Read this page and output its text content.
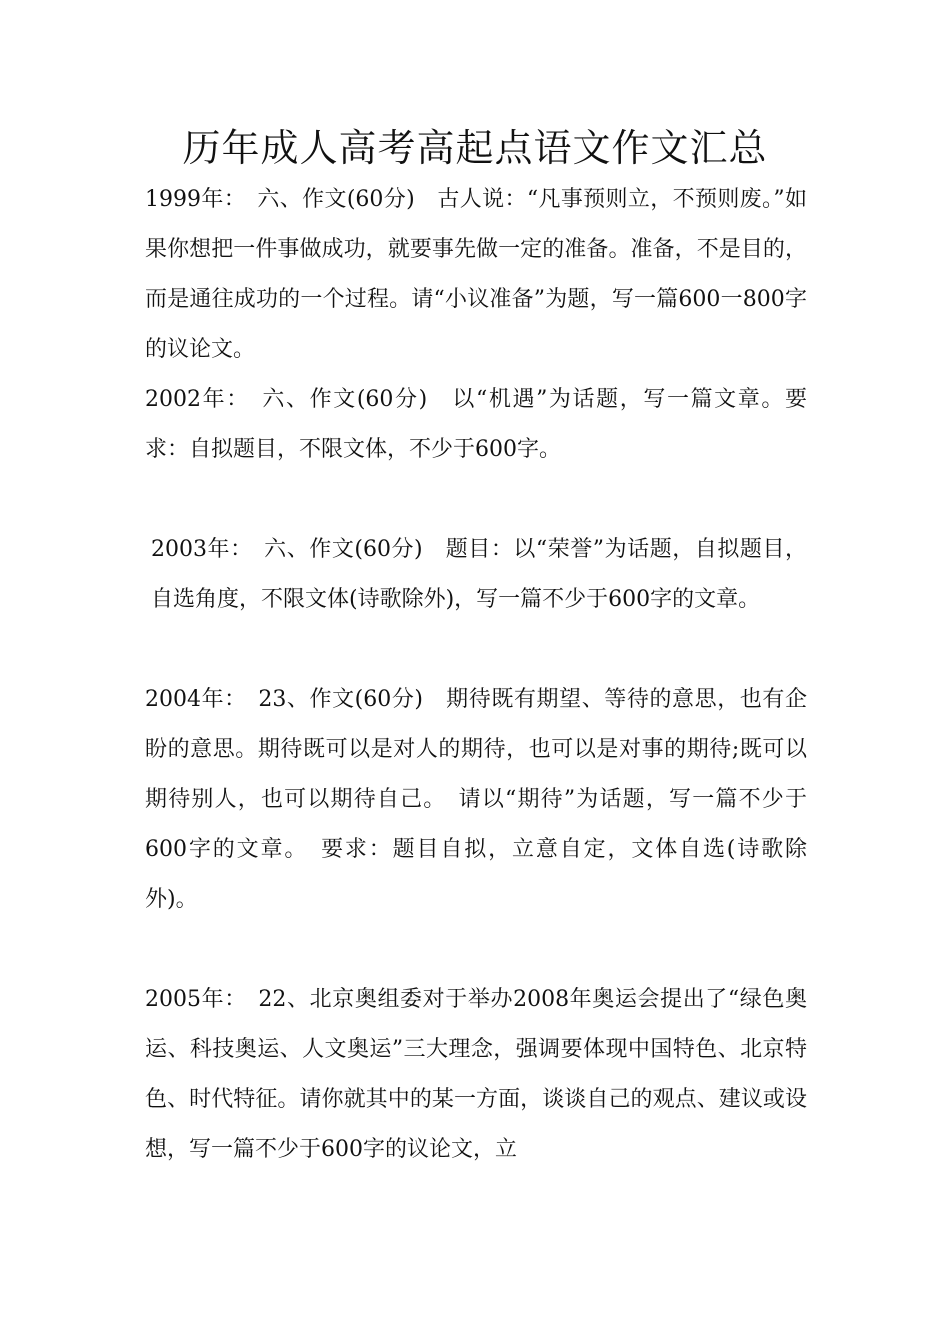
历年成人高考高起点语文作文汇总

1999年：　六、作文(60分)　古人说：“凡事预则立，不预则废。”如果你想把一件事做成功，就要事先做一定的准备。准备，不是目的，而是通往成功的一个过程。请“小议准备”为题，写一篇600一800字的议论文。

2002年：　六、作文(60分)　以“机遇”为话题，写一篇文章。要求：自拟题目，不限文体，不少于600字。

2003年：　六、作文(60分)　题目：以“荣誉”为话题，自拟题目，自选角度，不限文体(诗歌除外)，写一篇不少于600字的文章。

2004年：　23、作文(60分)　期待既有期望、等待的意思，也有企盼的意思。期待既可以是对人的期待，也可以是对事的期待;既可以期待别人，也可以期待自己。　请以“期待”为话题，写一篇不少于600字的文章。　要求：题目自拟，立意自定，文体自选(诗歌除外)。

2005年：　22、北京奥组委对于举办2008年奥运会提出了“绿色奥运、科技奥运、人文奥运”三大理念，强调要体现中国特色、北京特色、时代特征。请你就其中的某一方面，谈谈自己的观点、建议或设想，写一篇不少于600字的议论文，立
